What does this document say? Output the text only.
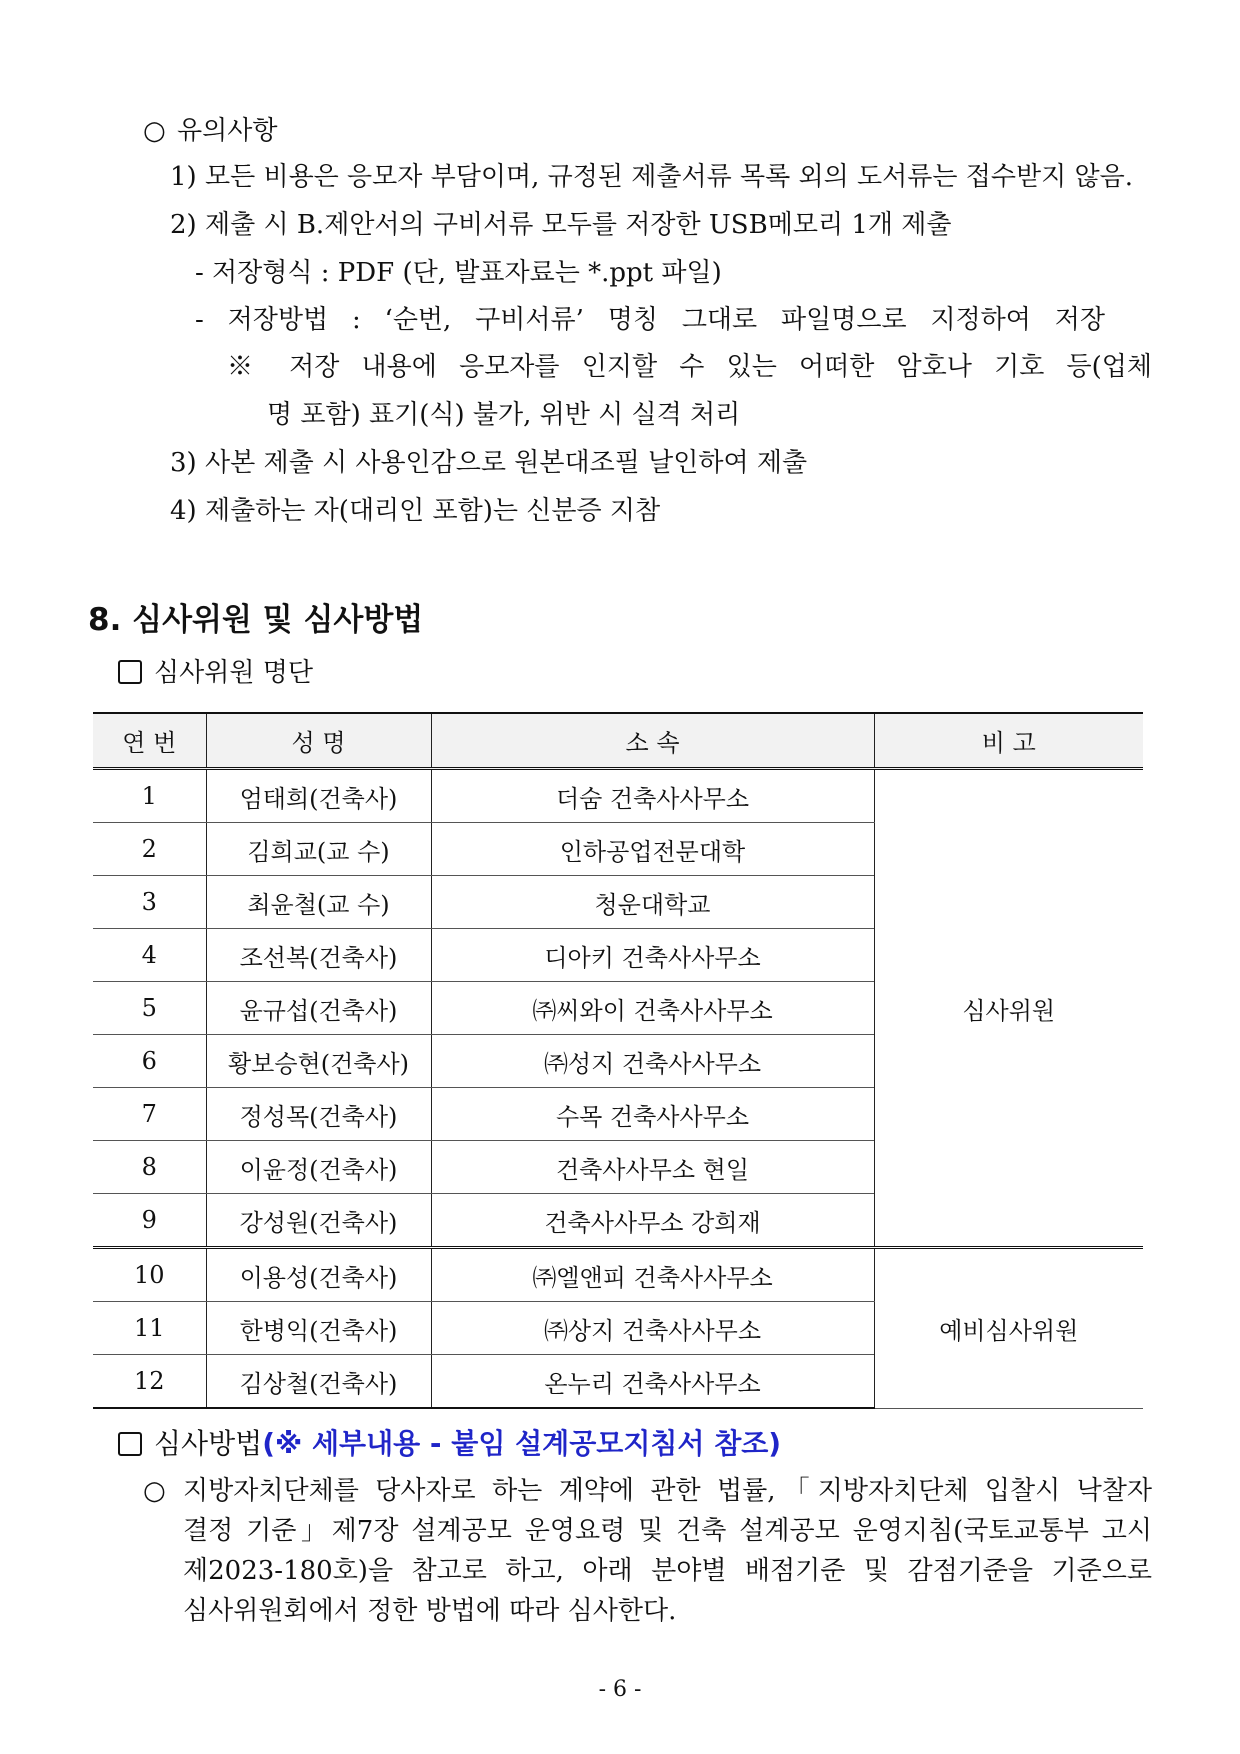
○ 유의사항
1) 모든 비용은 응모자 부담이며, 규정된 제출서류 목록 외의 도서류는 접수받지 않음.
2) 제출 시 B.제안서의 구비서류 모두를 저장한 USB메모리 1개 제출
- 저장형식 : PDF (단, 발표자료는 *.ppt 파일)
- 저장방법 : ‘순번, 구비서류’ 명칭 그대로 파일명으로 지정하여 저장
※ 저장 내용에 응모자를 인지할 수 있는 어떠한 암호나 기호 등(업체
명 포함) 표기(식) 불가, 위반 시 실격 처리
3) 사본 제출 시 사용인감으로 원본대조필 날인하여 제출
4) 제출하는 자(대리인 포함)는 신분증 지참
8. 심사위원 및 심사방법
심사위원 명단
연 번	성 명	소 속	비 고
1	엄태희(건축사)	더숨 건축사사무소	심사위원
2	김희교(교 수)	인하공업전문대학	
3	최윤철(교 수)	청운대학교	
4	조선복(건축사)	디아키 건축사사무소	
5	윤규섭(건축사)	㈜씨와이 건축사사무소	
6	황보승현(건축사)	㈜성지 건축사사무소	
7	정성목(건축사)	수목 건축사사무소	
8	이윤정(건축사)	건축사사무소 현일	
9	강성원(건축사)	건축사사무소 강희재	
10	이용성(건축사)	㈜엘앤피 건축사사무소	예비심사위원
11	한병익(건축사)	㈜상지 건축사사무소	
12	김상철(건축사)	온누리 건축사사무소	
심사방법(※ 세부내용 - 붙임 설계공모지침서 참조)
○ 지방자치단체를 당사자로 하는 계약에 관한 법률,「지방자치단체 입찰시 낙찰자
결정 기준」제7장 설계공모 운영요령 및 건축 설계공모 운영지침(국토교통부 고시
제2023-180호)을 참고로 하고, 아래 분야별 배점기준 및 감점기준을 기준으로
심사위원회에서 정한 방법에 따라 심사한다.
- 6 -
